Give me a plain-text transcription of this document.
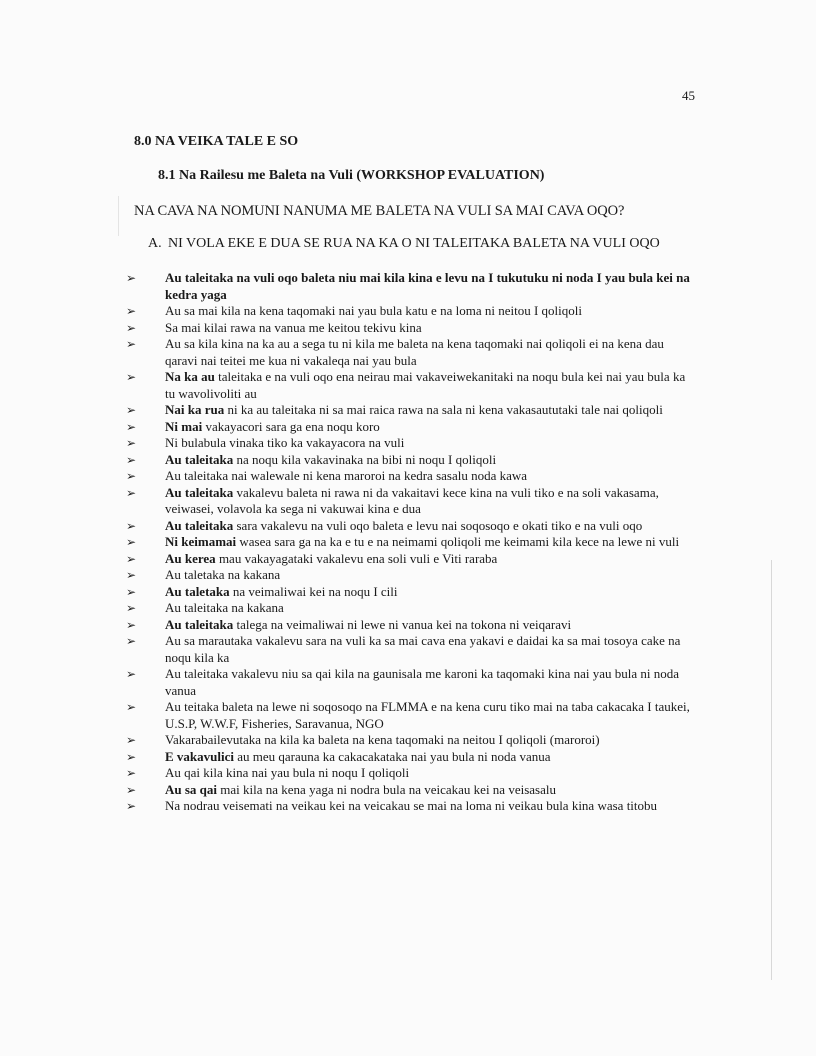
45
8.0 NA VEIKA TALE E SO
8.1 Na Railesu me Baleta na Vuli (WORKSHOP EVALUATION)
NA CAVA NA NOMUNI NANUMA ME BALETA NA VULI SA MAI CAVA OQO?
A. NI VOLA EKE E DUA SE RUA NA KA O NI TALEITAKA BALETA NA VULI OQO
➢	Au taleitaka na vuli oqo baleta niu mai kila kina e levu na I tukutuku ni noda I yau bula kei na kedra yaga
➢	Au sa mai kila na kena taqomaki nai yau bula katu e na loma ni neitou I qoliqoli
➢	Sa mai kilai rawa na vanua me keitou tekivu kina
➢	Au sa kila kina na ka au a sega tu ni kila me baleta na kena taqomaki nai qoliqoli ei na kena dau qaravi nai teitei me kua ni vakaleqa nai yau bula
➢	Na ka au taleitaka e na vuli oqo ena neirau mai vakaveiwekanitaki na noqu bula kei nai yau bula ka tu wavolivoliti au
➢	Nai ka rua ni ka au taleitaka ni sa mai raica rawa na sala ni kena vakasaututaki tale nai qoliqoli
➢	Ni mai vakayacori sara ga ena noqu koro
➢	Ni bulabula vinaka tiko ka vakayacora na vuli
➢	Au taleitaka na noqu kila vakavinaka na bibi ni noqu I qoliqoli
➢	Au taleitaka nai walewale ni kena maroroi na kedra sasalu noda kawa
➢	Au taleitaka vakalevu baleta ni rawa ni da vakaitavi kece kina na vuli tiko e na soli vakasama, veiwasei, volavola ka sega ni vakuwai kina e dua
➢	Au taleitaka sara vakalevu na vuli oqo baleta e levu nai soqosoqo e okati tiko e na vuli oqo
➢	Ni keimamai wasea sara ga na ka e tu e na neimami qoliqoli me keimami kila kece na lewe ni vuli
➢	Au kerea mau vakayagataki vakalevu ena soli vuli e Viti raraba
➢	Au taletaka na kakana
➢	Au taletaka na veimaliwai kei na noqu I cili
➢	Au taleitaka na kakana
➢	Au taleitaka talega na veimaliwai ni lewe ni vanua kei na tokona ni veiqaravi
➢	Au sa marautaka vakalevu sara na vuli ka sa mai cava ena yakavi e daidai ka sa mai tosoya cake na noqu kila ka
➢	Au taleitaka vakalevu niu sa qai kila na gaunisala me karoni ka taqomaki kina nai yau bula ni noda vanua
➢	Au teitaka baleta na lewe ni soqosoqo na FLMMA e na kena curu tiko mai na taba cakacaka I taukei, U.S.P, W.W.F, Fisheries, Saravanua, NGO
➢	Vakarabailevutaka na kila ka baleta na kena taqomaki na neitou I qoliqoli (maroroi)
➢	E vakavulici au meu qarauna ka cakacakataka nai yau bula ni noda vanua
➢	Au qai kila kina nai yau bula ni noqu I qoliqoli
➢	Au sa qai mai kila na kena yaga ni nodra bula na veicakau kei na veisasalu
➢	Na nodrau veisemati na veikau kei na veicakau se mai na loma ni veikau bula kina wasa titobu
